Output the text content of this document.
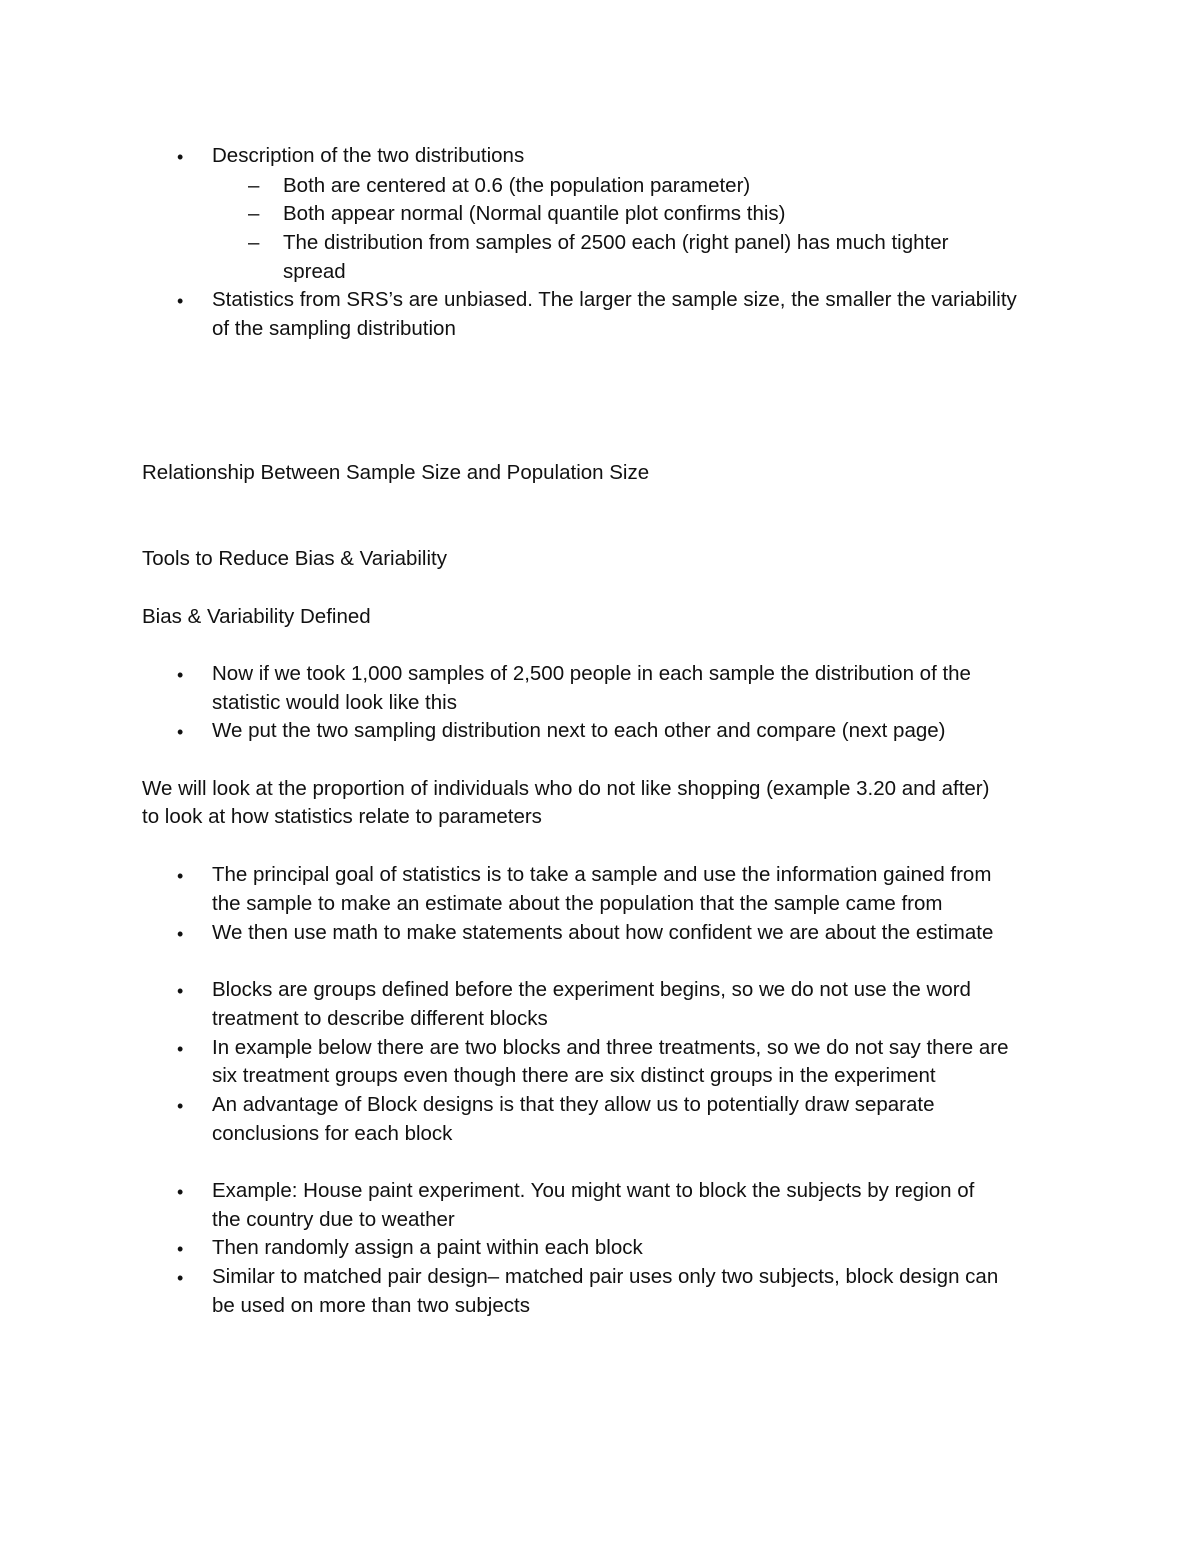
• Description of the two distributions
– Both are centered at 0.6 (the population parameter)
– Both appear normal (Normal quantile plot confirms this)
– The distribution from samples of 2500 each (right panel) has much tighter
spread
• Statistics from SRS’s are unbiased. The larger the sample size, the smaller the variability
of the sampling distribution
Relationship Between Sample Size and Population Size
Tools to Reduce Bias & Variability
Bias & Variability Defined
• Now if we took 1,000 samples of 2,500 people in each sample the distribution of the
statistic would look like this
• We put the two sampling distribution next to each other and compare (next page)
We will look at the proportion of individuals who do not like shopping (example 3.20 and after)
to look at how statistics relate to parameters
• The principal goal of statistics is to take a sample and use the information gained from
the sample to make an estimate about the population that the sample came from
• We then use math to make statements about how confident we are about the estimate
• Blocks are groups defined before the experiment begins, so we do not use the word
treatment to describe different blocks
• In example below there are two blocks and three treatments, so we do not say there are
six treatment groups even though there are six distinct groups in the experiment
• An advantage of Block designs is that they allow us to potentially draw separate
conclusions for each block
• Example: House paint experiment. You might want to block the subjects by region of
the country due to weather
• Then randomly assign a paint within each block
• Similar to matched pair design– matched pair uses only two subjects, block design can
be used on more than two subjects
